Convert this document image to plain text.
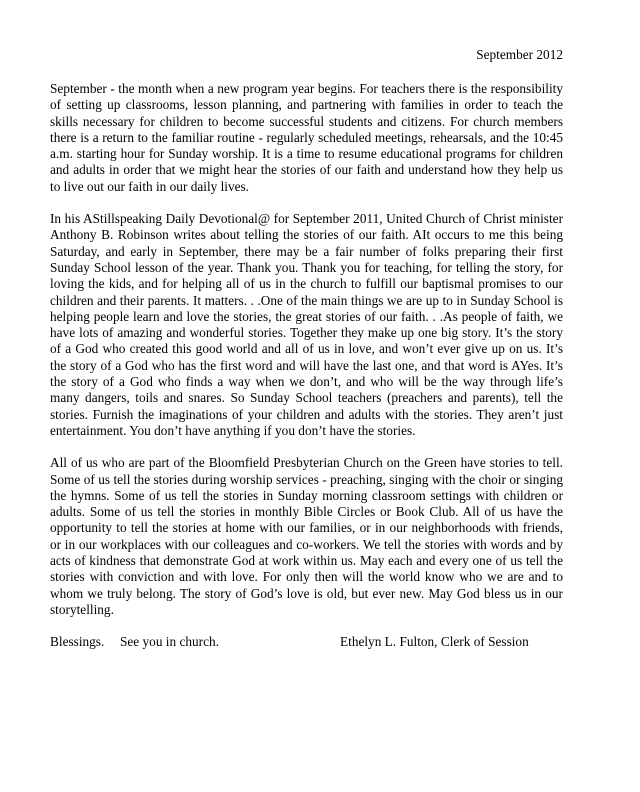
September 2012

September - the month when a new program year begins. For teachers there is the responsibility of setting up classrooms, lesson planning, and partnering with families in order to teach the skills necessary for children to become successful students and citizens. For church members there is a return to the familiar routine - regularly scheduled meetings, rehearsals, and the 10:45 a.m. starting hour for Sunday worship. It is a time to resume educational programs for children and adults in order that we might hear the stories of our faith and understand how they help us to live out our faith in our daily lives.

In his AStillspeaking Daily Devotional@ for September 2011, United Church of Christ minister Anthony B. Robinson writes about telling the stories of our faith. AIt occurs to me this being Saturday, and early in September, there may be a fair number of folks preparing their first Sunday School lesson of the year. Thank you. Thank you for teaching, for telling the story, for loving the kids, and for helping all of us in the church to fulfill our baptismal promises to our children and their parents. It matters. . .One of the main things we are up to in Sunday School is helping people learn and love the stories, the great stories of our faith. . .As people of faith, we have lots of amazing and wonderful stories. Together they make up one big story. It’s the story of a God who created this good world and all of us in love, and won’t ever give up on us. It’s the story of a God who has the first word and will have the last one, and that word is AYes. It’s the story of a God who finds a way when we don’t, and who will be the way through life’s many dangers, toils and snares. So Sunday School teachers (preachers and parents), tell the stories. Furnish the imaginations of your children and adults with the stories. They aren’t just entertainment. You don’t have anything if you don’t have the stories.

All of us who are part of the Bloomfield Presbyterian Church on the Green have stories to tell. Some of us tell the stories during worship services - preaching, singing with the choir or singing the hymns. Some of us tell the stories in Sunday morning classroom settings with children or adults. Some of us tell the stories in monthly Bible Circles or Book Club. All of us have the opportunity to tell the stories at home with our families, or in our neighborhoods with friends, or in our workplaces with our colleagues and co-workers. We tell the stories with words and by acts of kindness that demonstrate God at work within us. May each and every one of us tell the stories with conviction and with love. For only then will the world know who we are and to whom we truly belong. The story of God’s love is old, but ever new. May God bless us in our storytelling.

Blessings. See you in church.	Ethelyn L. Fulton, Clerk of Session
